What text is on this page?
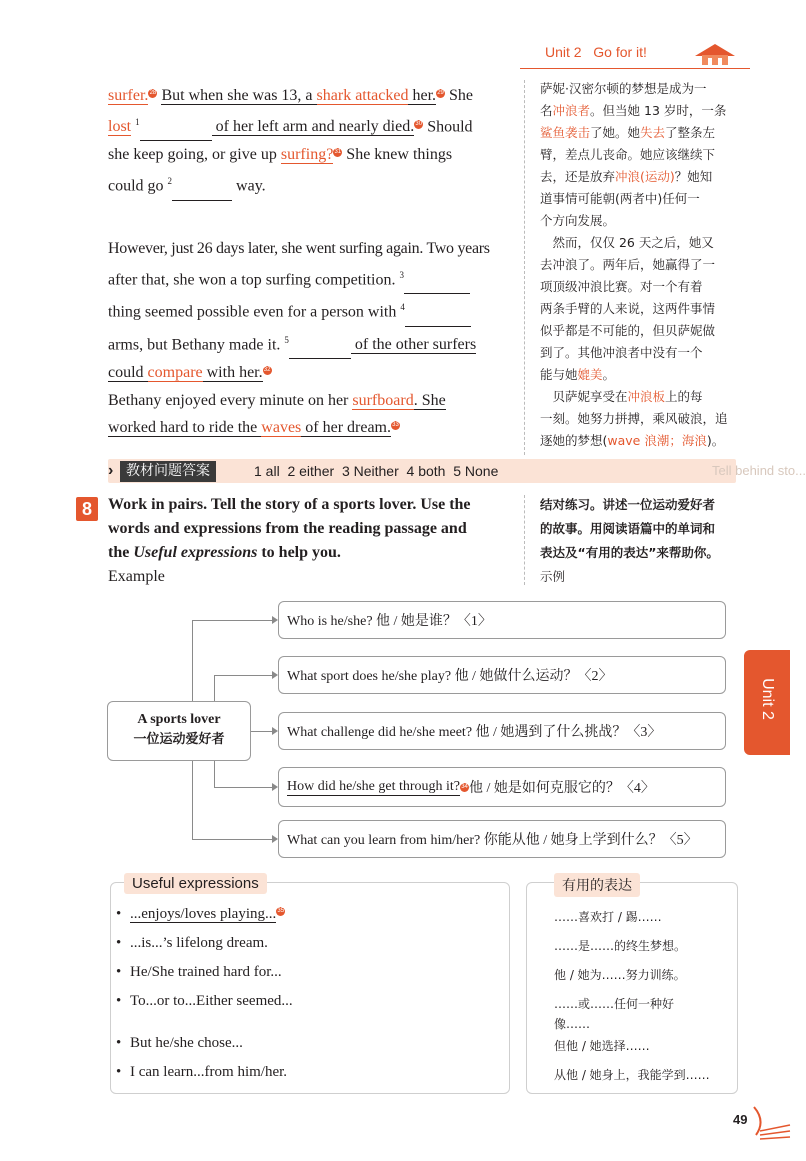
Unit 2 Go for it!
surfer.28 But when she was 13, a shark attacked her.29 She
lost $^1$	of her left arm and nearly died.30 Should
she keep going, or give up surfing?31 She knew things
could go $^2$	way.
However, just 26 days later, she went surfing again. Two years
after that, she won a top surfing competition. $^3$
thing seemed possible even for a person with $^4$
arms, but Bethany made it. $^5$	of the other surfers
could compare with her.32
Bethany enjoyed every minute on her surfboard. She
worked hard to ride the waves of her dream.33
萨妮·汉密尔顿的梦想是成为一
名冲浪者。但当她 13 岁时，一条
鲨鱼袭击了她。她失去了整条左
臂，差点儿丧命。她应该继续下
去，还是放弃冲浪(运动)？她知
道事情可能朝(两者中)任何一
个方向发展。
　然而，仅仅 26 天之后，她又
去冲浪了。两年后，她赢得了一
项顶级冲浪比赛。对一个有着
两条手臂的人来说，这两件事情
似乎都是不可能的，但贝萨妮做
到了。其他冲浪者中没有一个
能与她媲美。
　贝萨妮享受在冲浪板上的每
一刻。她努力拼搏，乘风破浪，追
逐她的梦想(wave 浪潮；海浪)。
› 教材问题答案	1 all  2 either  3 Neither  4 both  5 None	Tell behind sto...
8	Work in pairs. Tell the story of a sports lover. Use the
words and expressions from the reading passage and
the Useful expressions to help you.
Example
结对练习。讲述一位运动爱好者
的故事。用阅读语篇中的单词和
表达及“有用的表达”来帮助你。
示例
A sports lover
一位运动爱好者
Who is he/she? 他 / 她是谁？〈1〉
What sport does he/she play? 他 / 她做什么运动？〈2〉
What challenge did he/she meet? 他 / 她遇到了什么挑战？〈3〉
How did he/she get through it? 34 他 / 她是如何克服它的？〈4〉
What can you learn from him/her? 你能从他 / 她身上学到什么？〈5〉
Unit 2
Useful expressions
• ...enjoys/loves playing...35
• ...is...’s lifelong dream.
• He/She trained hard for...
• To...or to...Either seemed...
• But he/she chose...
• I can learn...from him/her.
有用的表达
……喜欢打 / 踢……
……是……的终生梦想。
他 / 她为……努力训练。
……或……任何一种好
像……
但他 / 她选择……
从他 / 她身上，我能学到……
49
